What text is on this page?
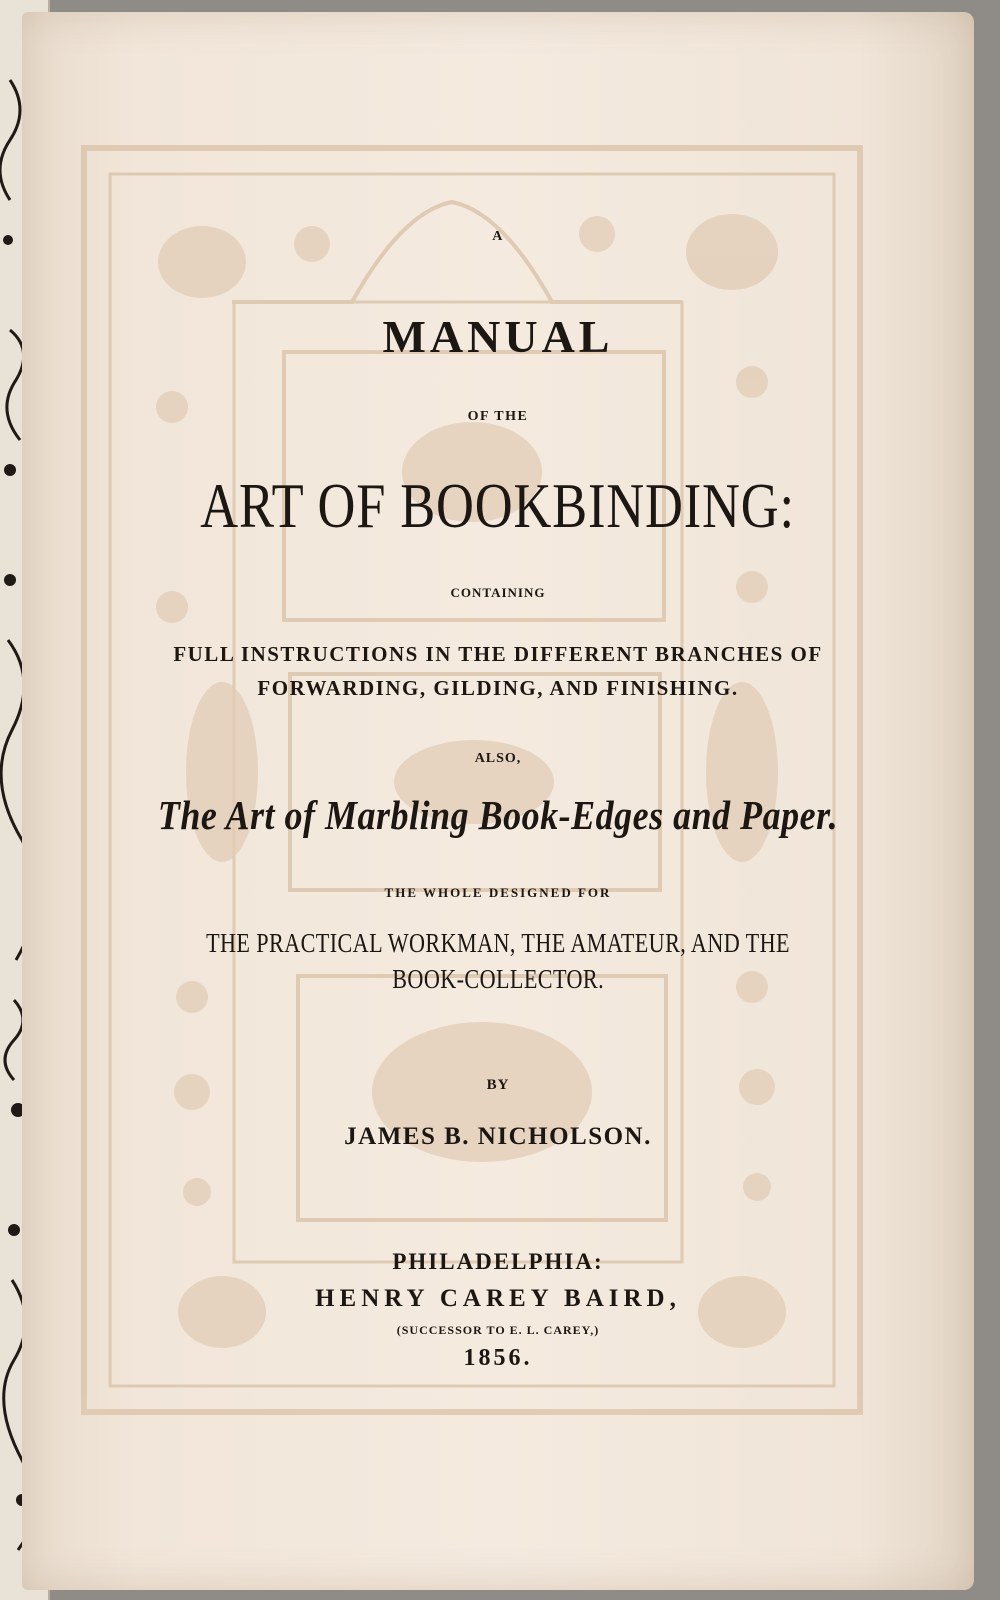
A
MANUAL
OF THE
ART OF BOOKBINDING:
CONTAINING
FULL INSTRUCTIONS IN THE DIFFERENT BRANCHES OF
FORWARDING, GILDING, AND FINISHING.
ALSO,
The Art of Marbling Book-Edges and Paper.
THE WHOLE DESIGNED FOR
THE PRACTICAL WORKMAN, THE AMATEUR, AND THE
BOOK-COLLECTOR.
BY
JAMES B. NICHOLSON.
PHILADELPHIA:
HENRY CAREY BAIRD,
(SUCCESSOR TO E. L. CAREY,)
1856.
